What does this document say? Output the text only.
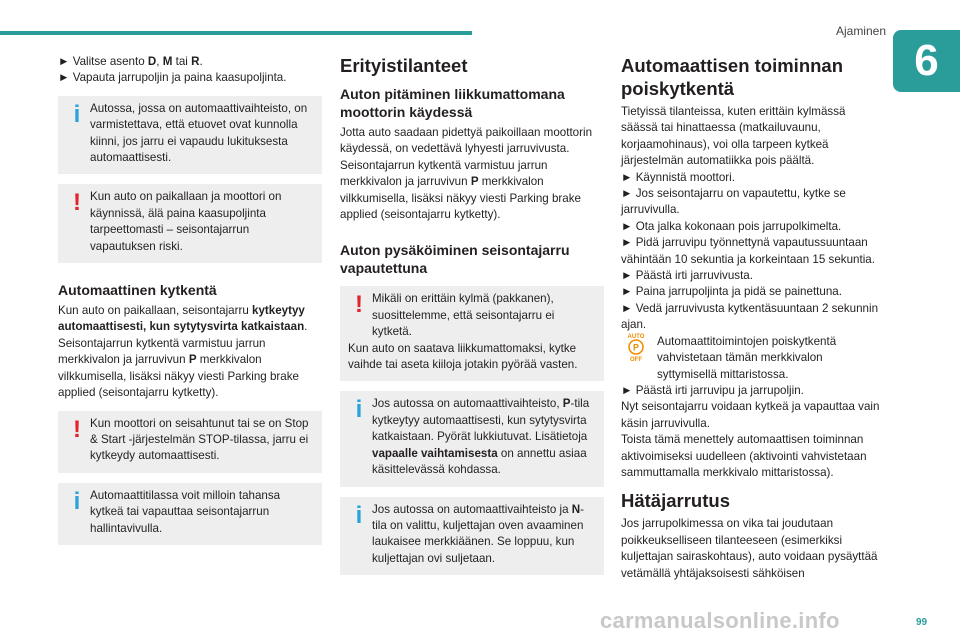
Ajaminen
6

► Valitse asento D, M tai R.

► Vapauta jarrupoljin ja paina kaasupoljinta.

i Autossa, jossa on automaattivaihteisto, on varmistettava, että etuovet ovat kunnolla kiinni, jos jarru ei vapaudu lukituksesta automaattisesti.

! Kun auto on paikallaan ja moottori on käynnissä, älä paina kaasupoljinta tarpeettomasti – seisontajarrun vapautuksen riski.

Automaattinen kytkentä

Kun auto on paikallaan, seisontajarru kytkeytyy automaattisesti, kun sytytysvirta katkaistaan. Seisontajarrun kytkentä varmistuu jarrun merkkivalon ja jarruvivun P merkkivalon vilkkumisella, lisäksi näkyy viesti Parking brake applied (seisontajarru kytketty).

! Kun moottori on seisahtunut tai se on Stop & Start -järjestelmän STOP-tilassa, jarru ei kytkeydy automaattisesti.

i Automaattitilassa voit milloin tahansa kytkeä tai vapauttaa seisontajarrun hallintavivulla.

Erityistilanteet
Auton pitäminen liikkumattomana moottorin käydessä

Jotta auto saadaan pidettyä paikoillaan moottorin käydessä, on vedettävä lyhyesti jarruvivusta. Seisontajarrun kytkentä varmistuu jarrun merkkivalon ja jarruvivun P merkkivalon vilkkumisella, lisäksi näkyy viesti Parking brake applied (seisontajarru kytketty).

Auton pysäköiminen seisontajarru vapautettuna
! Mikäli on erittäin kylmä (pakkanen), suosittelemme, että seisontajarru ei kytketä.

Kun auto on saatava liikkumattomaksi, kytke vaihde tai aseta kiiloja jotakin pyörää vasten.

i Jos autossa on automaattivaihteisto, P-tila kytkeytyy automaattisesti, kun sytytysvirta katkaistaan. Pyörät lukkiutuvat. Lisätietoja vapaalle vaihtamisesta on annettu asiaa käsittelevässä kohdassa.

i Jos autossa on automaattivaihteisto ja N-tila on valittu, kuljettajan oven avaaminen laukaisee merkkiäänen. Se loppuu, kun kuljettajan ovi suljetaan.

Automaattisen toiminnan poiskytkentä

Tietyissä tilanteissa, kuten erittäin kylmässä säässä tai hinattaessa (matkailuvaunu, korjaamohinaus), voi olla tarpeen kytkeä järjestelmän automatiikka pois päältä.

► Käynnistä moottori.

► Jos seisontajarru on vapautettu, kytke se jarruvivulla.

► Ota jalka kokonaan pois jarrupolkimelta.

► Pidä jarruvipu työnnettynä vapautussuuntaan vähintään 10 sekuntia ja korkeintaan 15 sekuntia.

► Päästä irti jarruvivusta.

► Paina jarrupoljinta ja pidä se painettuna.

► Vedä jarruvivusta kytkentäsuuntaan 2 sekunnin ajan.

AUTO
P
OFF

Automaattitoimintojen poiskytkentä vahvistetaan tämän merkkivalon syttymisellä mittaristossa.

► Päästä irti jarruvipu ja jarrupoljin.

Nyt seisontajarru voidaan kytkeä ja vapauttaa vain käsin jarruvivulla.

Toista tämä menettely automaattisen toiminnan aktivoimiseksi uudelleen (aktivointi vahvistetaan sammuttamalla merkkivalo mittaristossa).

Hätäjarrutus

Jos jarrupolkimessa on vika tai joudutaan poikkeukselliseen tilanteeseen (esimerkiksi kuljettajan sairaskohtaus), auto voidaan pysäyttää vetämällä yhtäjaksoisesti sähköisen

carmanualsonline.info	99
